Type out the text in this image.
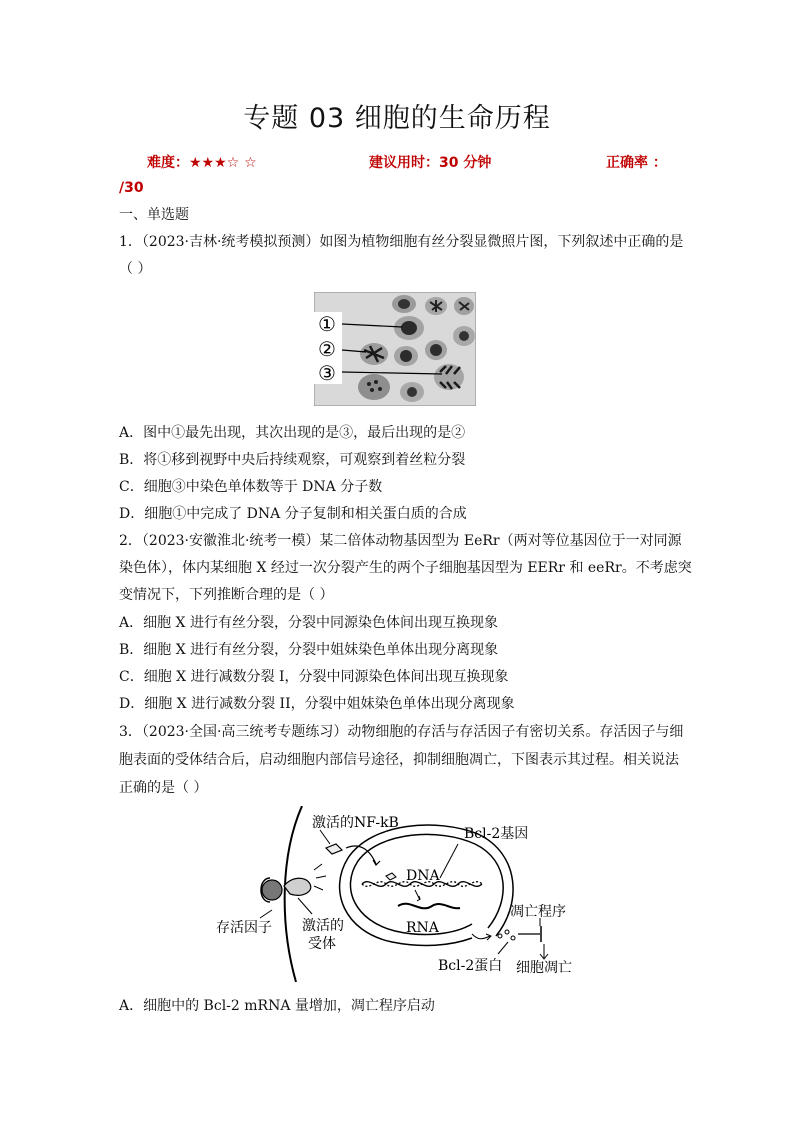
专题 03 细胞的生命历程
难度：★★★☆ ☆	建议用时：30 分钟	正确率 ：
/30
一、单选题
1．（2023·吉林·统考模拟预测）如图为植物细胞有丝分裂显微照片图，下列叙述中正确的是
（ ）
①
②
③
A．图中①最先出现，其次出现的是③，最后出现的是②
B．将①移到视野中央后持续观察，可观察到着丝粒分裂
C．细胞③中染色单体数等于 DNA 分子数
D．细胞①中完成了 DNA 分子复制和相关蛋白质的合成
2．（2023·安徽淮北·统考一模）某二倍体动物基因型为 EeRr（两对等位基因位于一对同源
染色体），体内某细胞 X 经过一次分裂产生的两个子细胞基因型为 EERr 和 eeRr。不考虑突
变情况下，下列推断合理的是（ ）
A．细胞 X 进行有丝分裂，分裂中同源染色体间出现互换现象
B．细胞 X 进行有丝分裂，分裂中姐妹染色单体出现分离现象
C．细胞 X 进行减数分裂 I，分裂中同源染色体间出现互换现象
D．细胞 X 进行减数分裂 II，分裂中姐妹染色单体出现分离现象
3．（2023·全国·高三统考专题练习）动物细胞的存活与存活因子有密切关系。存活因子与细
胞表面的受体结合后，启动细胞内部信号途径，抑制细胞凋亡，下图表示其过程。相关说法
正确的是（ ）
激活的NF-kB
Bcl-2基因
DNA
RNA
存活因子 激活的
受体
凋亡程序
Bcl-2蛋白 细胞凋亡
A．细胞中的 Bcl-2 mRNA 量增加，凋亡程序启动
